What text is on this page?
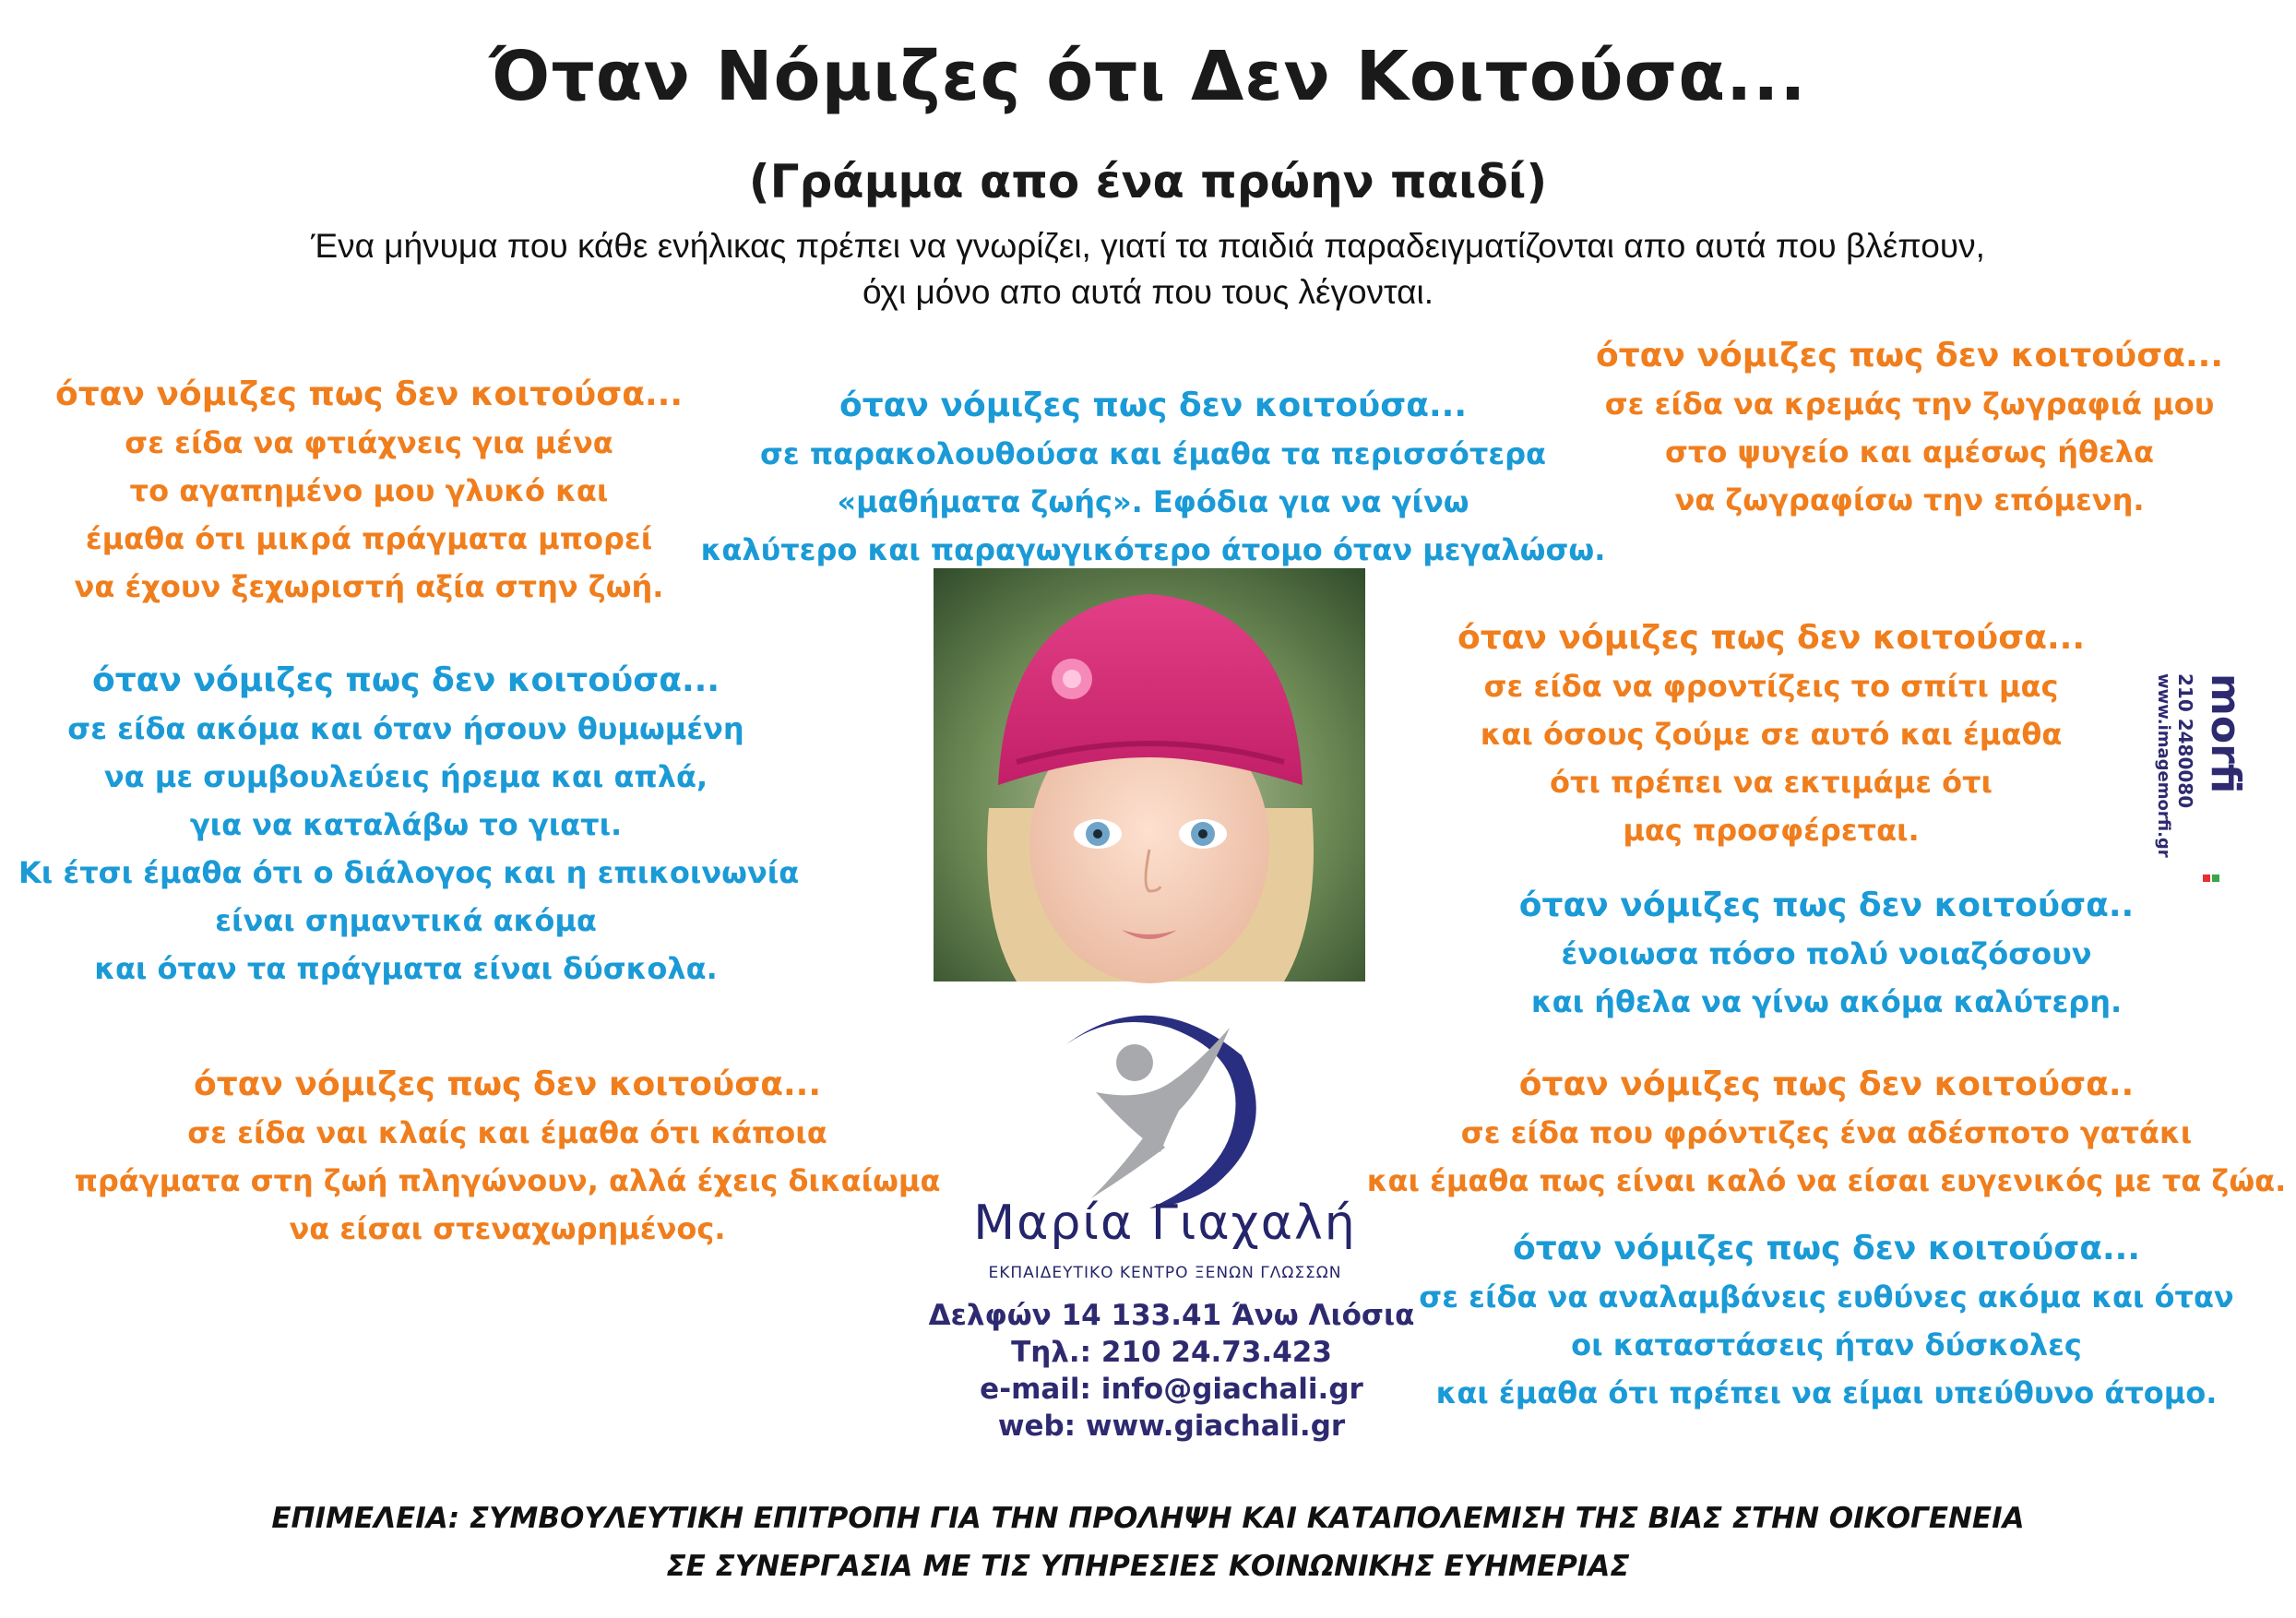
Όταν Νόμιζες ότι Δεν Κοιτούσα...
(Γράμμα απο ένα πρώην παιδί)
Ένα μήνυμα που κάθε ενήλικας πρέπει να γνωρίζει, γιατί τα παιδιά παραδειγματίζονται απο αυτά που βλέπουν,
όχι μόνο απο αυτά που τους λέγονται.
όταν νόμιζες πως δεν κοιτούσα...
σε είδα να φτιάχνεις για μένα
το αγαπημένο μου γλυκό και
έμαθα ότι μικρά πράγματα μπορεί
να έχουν ξεχωριστή αξία στην ζωή.
όταν νόμιζες πως δεν κοιτούσα...
σε παρακολουθούσα και έμαθα τα περισσότερα
«μαθήματα ζωής». Εφόδια για να γίνω
καλύτερο και παραγωγικότερο άτομο όταν μεγαλώσω.
όταν νόμιζες πως δεν κοιτούσα...
σε είδα να κρεμάς την ζωγραφιά μου
στο ψυγείο και αμέσως ήθελα
να ζωγραφίσω την επόμενη.
όταν νόμιζες πως δεν κοιτούσα...
σε είδα ακόμα και όταν ήσουν θυμωμένη
να με συμβουλεύεις ήρεμα και απλά,
για να καταλάβω το γιατι.
Κι έτσι έμαθα ότι ο διάλογος και η επικοινωνία
είναι σημαντικά ακόμα
και όταν τα πράγματα είναι δύσκολα.
όταν νόμιζες πως δεν κοιτούσα...
σε είδα να φροντίζεις το σπίτι μας
και όσους ζούμε σε αυτό και έμαθα
ότι πρέπει να εκτιμάμε ότι
μας προσφέρεται.
όταν νόμιζες πως δεν κοιτούσα..
ένοιωσα πόσο πολύ νοιαζόσουν
και ήθελα να γίνω ακόμα καλύτερη.
όταν νόμιζες πως δεν κοιτούσα...
σε είδα ναι κλαίς και έμαθα ότι κάποια
πράγματα στη ζωή πληγώνουν, αλλά έχεις δικαίωμα
να είσαι στεναχωρημένος.
όταν νόμιζες πως δεν κοιτούσα..
σε είδα που φρόντιζες ένα αδέσποτο γατάκι
και έμαθα πως είναι καλό να είσαι ευγενικός με τα ζώα.
όταν νόμιζες πως δεν κοιτούσα...
σε είδα να αναλαμβάνεις ευθύνες ακόμα και όταν
οι καταστάσεις ήταν δύσκολες
και έμαθα ότι πρέπει να είμαι υπεύθυνο άτομο.
Μαρία Γιαχαλή
ΕΚΠΑΙΔΕΥΤΙΚΟ ΚΕΝΤΡΟ ΞΕΝΩΝ ΓΛΩΣΣΩΝ
Δελφών 14 133.41 Άνω Λιόσια
Τηλ.: 210 24.73.423
e-mail: info@giachali.gr
web: www.giachali.gr
morfi
210 2480080
www.imagemorfi.gr
ΕΠΙΜΕΛΕΙΑ: ΣΥΜΒΟΥΛΕΥΤΙΚΗ ΕΠΙΤΡΟΠΗ ΓΙΑ ΤΗΝ ΠΡΟΛΗΨΗ ΚΑΙ ΚΑΤΑΠΟΛΕΜΙΣΗ ΤΗΣ ΒΙΑΣ ΣΤΗΝ ΟΙΚΟΓΕΝΕΙΑ
ΣΕ ΣΥΝΕΡΓΑΣΙΑ ΜΕ ΤΙΣ ΥΠΗΡΕΣΙΕΣ ΚΟΙΝΩΝΙΚΗΣ ΕΥΗΜΕΡΙΑΣ
